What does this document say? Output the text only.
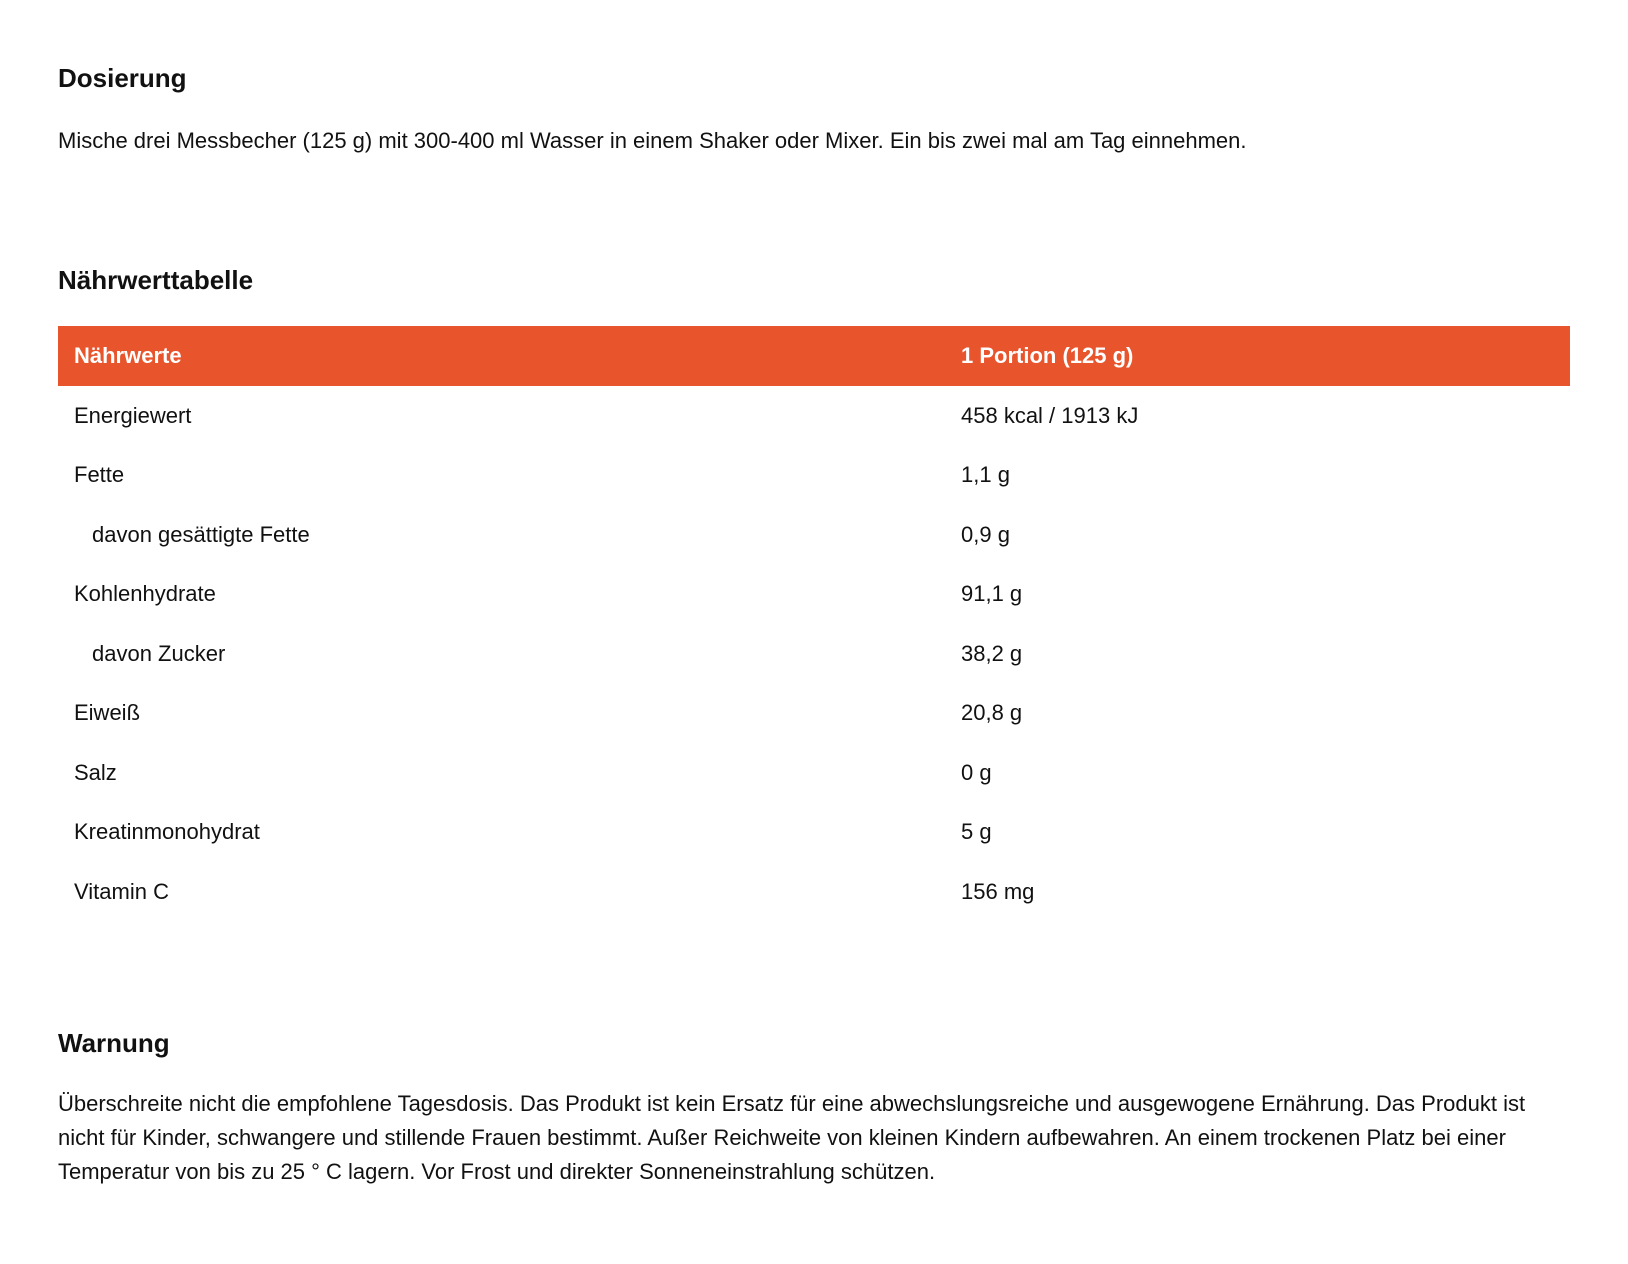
Dosierung

Mische drei Messbecher (125 g) mit 300-400 ml Wasser in einem Shaker oder Mixer. Ein bis zwei mal am Tag einnehmen.

Nährwerttabelle
Nährwerte	1 Portion (125 g)
Energiewert	458 kcal / 1913 kJ
Fette	1,1 g
davon gesättigte Fette	0,9 g
Kohlenhydrate	91,1 g
davon Zucker	38,2 g
Eiweiß	20,8 g
Salz	0 g
Kreatinmonohydrat	5 g
Vitamin C	156 mg
Warnung

Überschreite nicht die empfohlene Tagesdosis. Das Produkt ist kein Ersatz für eine abwechslungsreiche und ausgewogene Ernährung. Das Produkt ist nicht für Kinder, schwangere und stillende Frauen bestimmt. Außer Reichweite von kleinen Kindern aufbewahren. An einem trockenen Platz bei einer Temperatur von bis zu 25 ° C lagern. Vor Frost und direkter Sonneneinstrahlung schützen.
